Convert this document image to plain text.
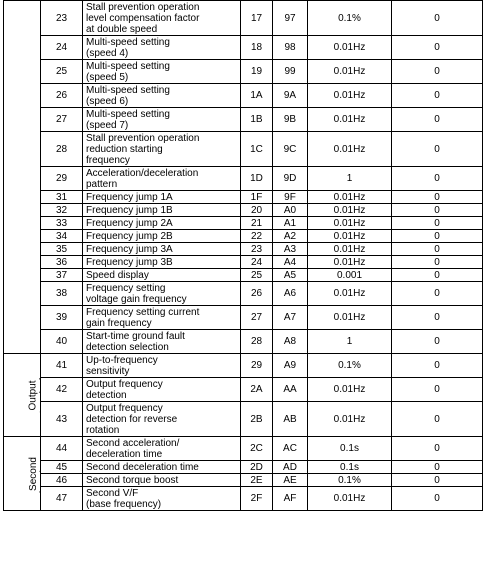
	23	Stall prevention operation
level compensation factor
at double speed	17	97	0.1%	0
	24	Multi-speed setting
(speed 4)	18	98	0.01Hz	0
	25	Multi-speed setting
(speed 5)	19	99	0.01Hz	0
	26	Multi-speed setting
(speed 6)	1A	9A	0.01Hz	0
	27	Multi-speed setting
(speed 7)	1B	9B	0.01Hz	0
	28	Stall prevention operation
reduction starting
frequency	1C	9C	0.01Hz	0
	29	Acceleration/deceleration
pattern	1D	9D	1	0
	31	Frequency jump 1A	1F	9F	0.01Hz	0
	32	Frequency jump 1B	20	A0	0.01Hz	0
	33	Frequency jump 2A	21	A1	0.01Hz	0
	34	Frequency jump 2B	22	A2	0.01Hz	0
	35	Frequency jump 3A	23	A3	0.01Hz	0
	36	Frequency jump 3B	24	A4	0.01Hz	0
	37	Speed display	25	A5	0.001	0
	38	Frequency setting
voltage gain frequency	26	A6	0.01Hz	0
	39	Frequency setting current
gain frequency	27	A7	0.01Hz	0
	40	Start-time ground fault
detection selection	28	A8	1	0

Output terminal	41	Up-to-frequency
sensitivity	29	A9	0.1%	0
	42	Output frequency
detection	2A	AA	0.01Hz	0
	43	Output frequency
detection for reverse
rotation	2B	AB	0.01Hz	0

Second	44	Second acceleration/
deceleration time	2C	AC	0.1s	0
	45	Second deceleration time	2D	AD	0.1s	0
	46	Second torque boost	2E	AE	0.1%	0
	47	Second V/F
(base frequency)	2F	AF	0.01Hz	0
